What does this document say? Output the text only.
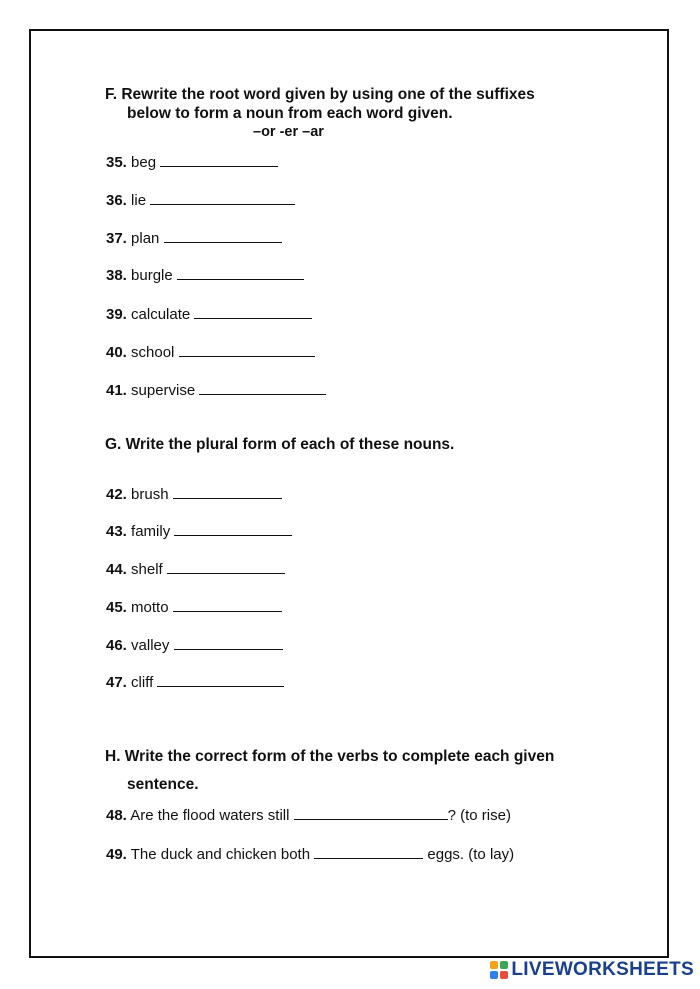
F. Rewrite the root word given by using one of the suffixes
below to form a noun from each word given.
–or -er –ar
35. beg
36. lie
37. plan
38. burgle
39. calculate
40. school
41. supervise
G. Write the plural form of each of these nouns.
42. brush
43. family
44. shelf
45. motto
46. valley
47. cliff
H. Write the correct form of the verbs to complete each given
sentence.
48. Are the flood waters still	? (to rise)
49. The duck and chicken both	eggs. (to lay)
LIVEWORKSHEETS
